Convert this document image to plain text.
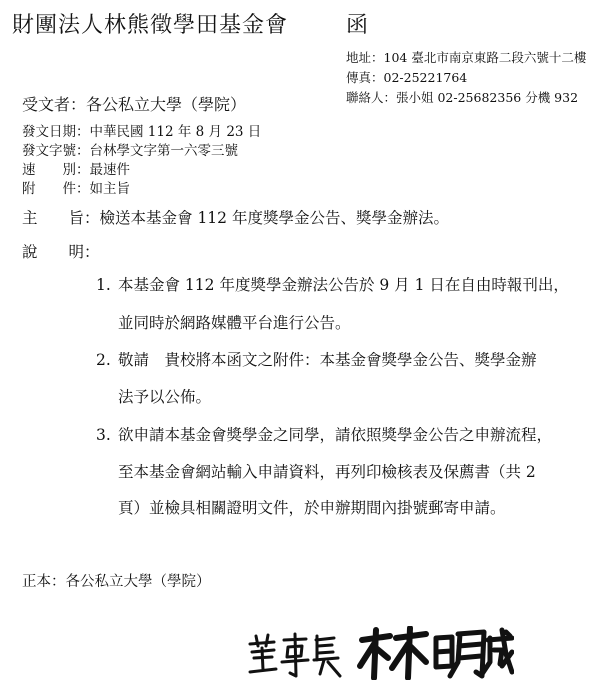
財團法人林熊徵學田基金會	函
地址：104 臺北市南京東路二段六號十二樓
傳真：02-25221764
聯絡人：張小姐 02-25682356 分機 932
受文者：各公私立大學（學院）
發文日期：中華民國 112 年 8 月 23 日
發文字號：台林學文字第一六零三號
速　　別：最速件
附　　件：如主旨
主　　旨：檢送本基金會 112 年度獎學金公告、獎學金辦法。
說　　明：
1. 本基金會 112 年度獎學金辦法公告於 9 月 1 日在自由時報刊出，
並同時於網路媒體平台進行公告。
2. 敬請　貴校將本函文之附件：本基金會獎學金公告、獎學金辦
法予以公佈。
3. 欲申請本基金會獎學金之同學，請依照獎學金公告之申辦流程，
至本基金會網站輸入申請資料，再列印檢核表及保薦書（共 2
頁）並檢具相關證明文件，於申辦期間內掛號郵寄申請。
正本：各公私立大學（學院）
